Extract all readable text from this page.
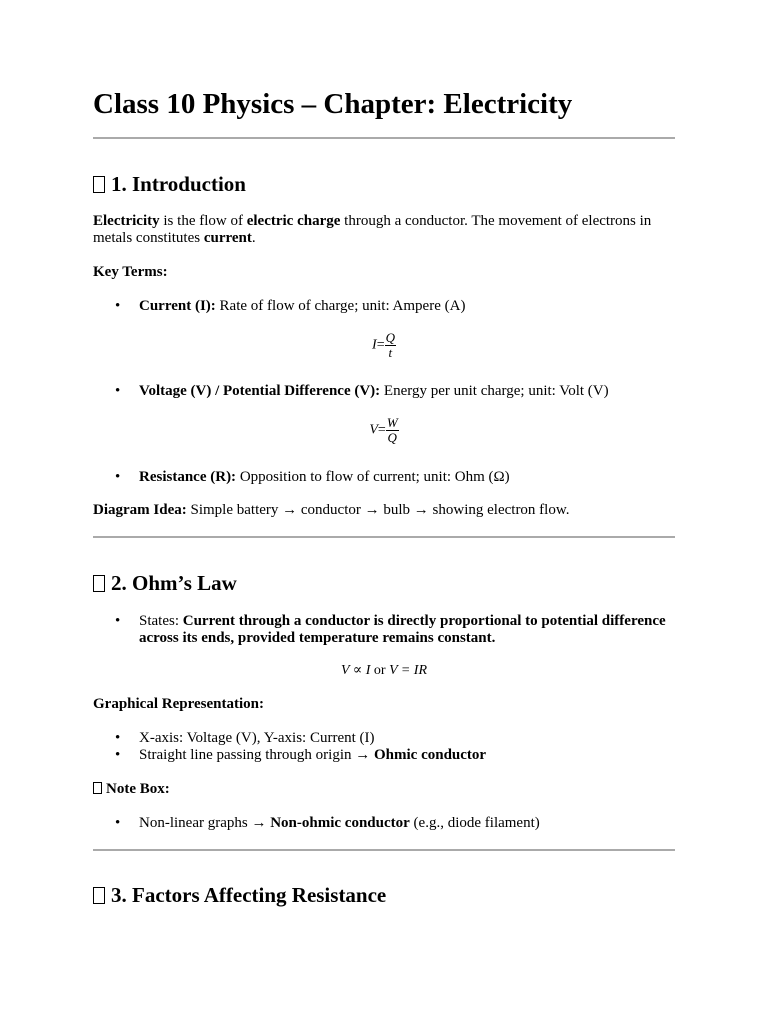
Class 10 Physics – Chapter: Electricity
1. Introduction

Electricity is the flow of electric charge through a conductor. The movement of electrons in metals constitutes current.

Key Terms:

• Current (I): Rate of flow of charge; unit: Ampere (A)
$I= \frac{Q}{t}$
• Voltage (V) / Potential Difference (V): Energy per unit charge; unit: Volt (V)
$V= \frac{W}{Q}$
• Resistance (R): Opposition to flow of current; unit: Ohm (Ω)

Diagram Idea: Simple battery → conductor → bulb → showing electron flow.

2. Ohm’s Law
• States: Current through a conductor is directly proportional to potential difference across its ends, provided temperature remains constant.
V ∝ I or V = IR

Graphical Representation:

• X-axis: Voltage (V), Y-axis: Current (I)
• Straight line passing through origin → Ohmic conductor

Note Box:

• Non-linear graphs → Non-ohmic conductor (e.g., diode filament)
3. Factors Affecting Resistance
